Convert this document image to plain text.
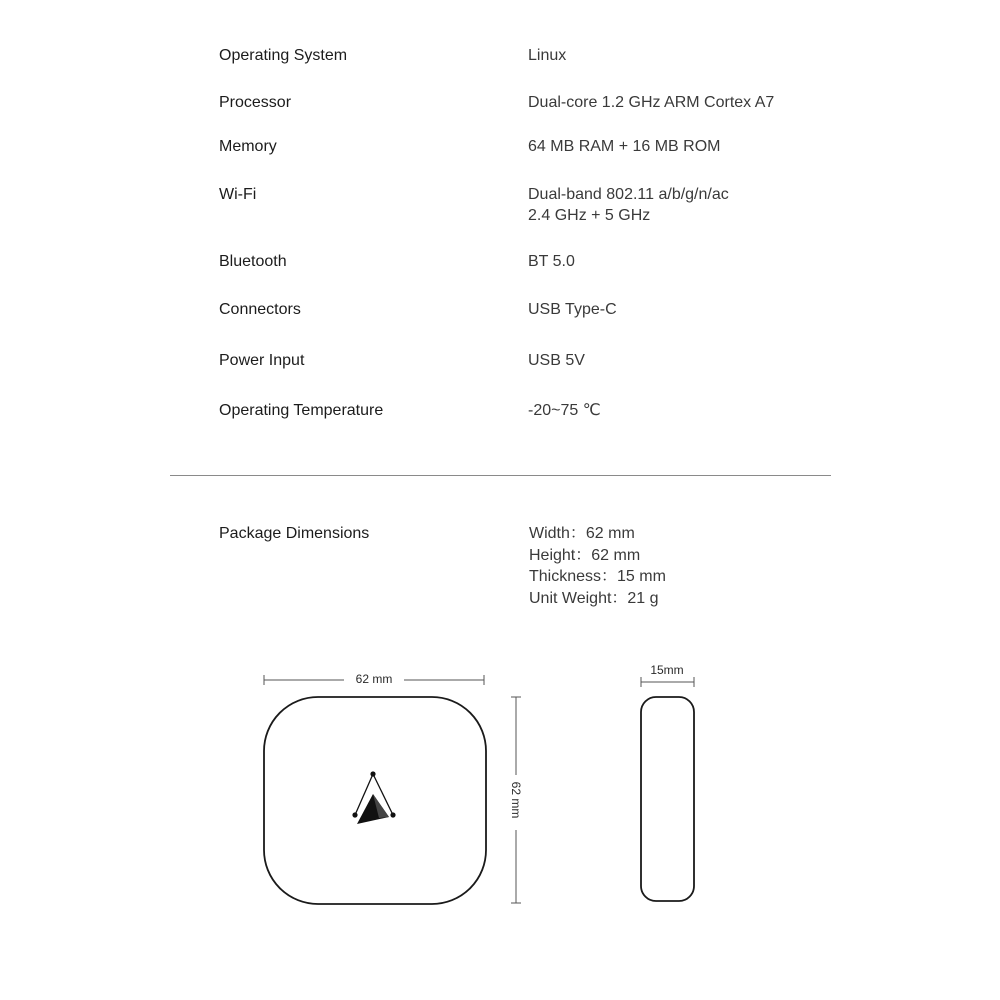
Operating System	Linux
Processor	Dual-core 1.2 GHz ARM Cortex A7
Memory	64 MB RAM + 16 MB ROM
Wi-Fi	Dual-band 802.11 a/b/g/n/ac
2.4 GHz + 5 GHz
Bluetooth	BT 5.0
Connectors	USB Type-C
Power Input	USB 5V
Operating Temperature	-20~75 ℃
Package Dimensions	Width：62 mm
Height：62 mm
Thickness：15 mm
Unit Weight：21 g
62 mm
62 mm
15mm
